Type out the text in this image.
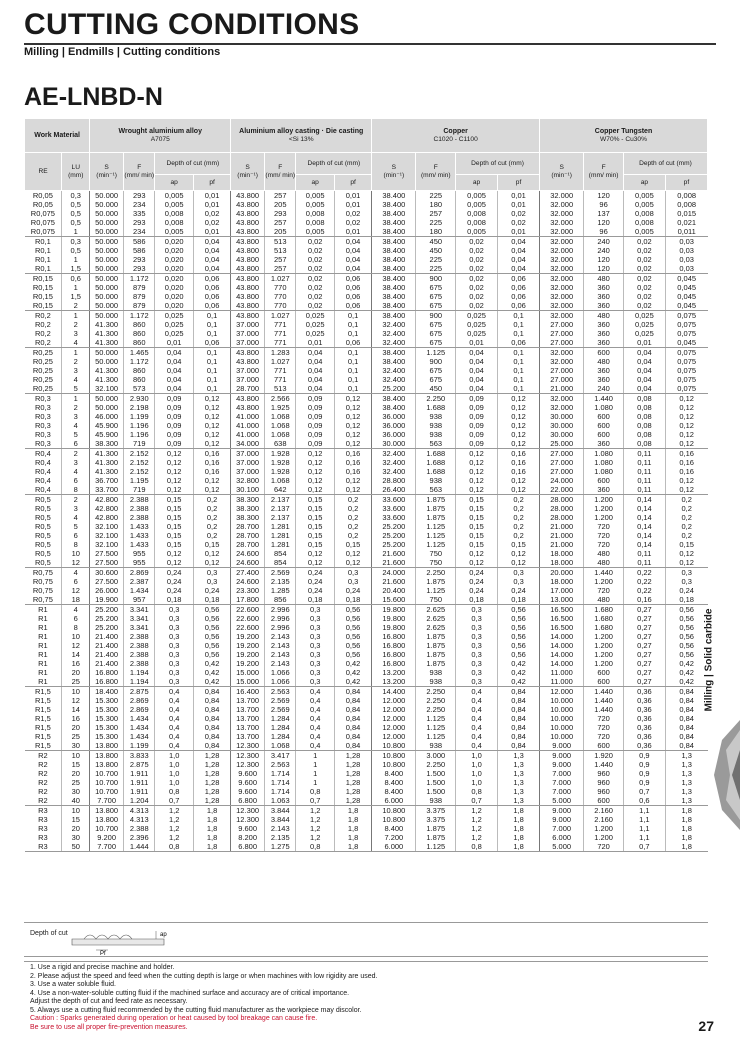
CUTTING CONDITIONS
Milling | Endmills | Cutting conditions
AE-LNBD-N
Work Material		Wrought aluminium alloy
A7075				Aluminium alloy casting · Die casting
<Si 13%				Copper
C1020 - C1100				Copper Tungsten
W70% - Cu30%			
RE	LU
(mm)	S
(min⁻¹)	F
(mm/ min)	Depth of cut (mm)		S
(min⁻¹)	F
(mm/ min)	Depth of cut (mm)		S
(min⁻¹)	F
(mm/ min)	Depth of cut (mm)		S
(min⁻¹)	F
(mm/ min)	Depth of cut (mm)	
				ap	pf			ap	pf			ap	pf			ap	pf
R0,05	0,3	50.000	293	0,005	0,01	43.800	257	0,005	0,01	38.400	225	0,005	0,01	32.000	120	0,005	0,008
R0,05	0,5	50.000	234	0,005	0,01	43.800	205	0,005	0,01	38.400	180	0,005	0,01	32.000	96	0,005	0,008
R0,075	0,5	50.000	335	0,008	0,02	43.800	293	0,008	0,02	38.400	257	0,008	0,02	32.000	137	0,008	0,015
R0,075	0,5	50.000	293	0,008	0,02	43.800	257	0,008	0,02	38.400	225	0,008	0,02	32.000	120	0,008	0,021
R0,075	1	50.000	234	0,005	0,01	43.800	205	0,005	0,01	38.400	180	0,005	0,01	32.000	96	0,005	0,011
R0,1	0,3	50.000	586	0,020	0,04	43.800	513	0,02	0,04	38.400	450	0,02	0,04	32.000	240	0,02	0,03
R0,1	0,5	50.000	586	0,020	0,04	43.800	513	0,02	0,04	38.400	450	0,02	0,04	32.000	240	0,02	0,03
R0,1	1	50.000	293	0,020	0,04	43.800	257	0,02	0,04	38.400	225	0,02	0,04	32.000	120	0,02	0,03
R0,1	1,5	50.000	293	0,020	0,04	43.800	257	0,02	0,04	38.400	225	0,02	0,04	32.000	120	0,02	0,03
R0,15	0,6	50.000	1.172	0,020	0,06	43.800	1.027	0,02	0,06	38.400	900	0,02	0,06	32.000	480	0,02	0,045
R0,15	1	50.000	879	0,020	0,06	43.800	770	0,02	0,06	38.400	675	0,02	0,06	32.000	360	0,02	0,045
R0,15	1,5	50.000	879	0,020	0,06	43.800	770	0,02	0,06	38.400	675	0,02	0,06	32.000	360	0,02	0,045
R0,15	2	50.000	879	0,020	0,06	43.800	770	0,02	0,06	38.400	675	0,02	0,06	32.000	360	0,02	0,045
R0,2	1	50.000	1.172	0,025	0,1	43.800	1.027	0,025	0,1	38.400	900	0,025	0,1	32.000	480	0,025	0,075
R0,2	2	41.300	860	0,025	0,1	37.000	771	0,025	0,1	32.400	675	0,025	0,1	27.000	360	0,025	0,075
R0,2	3	41.300	860	0,025	0,1	37.000	771	0,025	0,1	32.400	675	0,025	0,1	27.000	360	0,025	0,075
R0,2	4	41.300	860	0,01	0,06	37.000	771	0,01	0,06	32.400	675	0,01	0,06	27.000	360	0,01	0,045
R0,25	1	50.000	1.465	0,04	0,1	43.800	1.283	0,04	0,1	38.400	1.125	0,04	0,1	32.000	600	0,04	0,075
R0,25	2	50.000	1.172	0,04	0,1	43.800	1.027	0,04	0,1	38.400	900	0,04	0,1	32.000	480	0,04	0,075
R0,25	3	41.300	860	0,04	0,1	37.000	771	0,04	0,1	32.400	675	0,04	0,1	27.000	360	0,04	0,075
R0,25	4	41.300	860	0,04	0,1	37.000	771	0,04	0,1	32.400	675	0,04	0,1	27.000	360	0,04	0,075
R0,25	5	32.100	573	0,04	0,1	28.700	513	0,04	0,1	25.200	450	0,04	0,1	21.000	240	0,04	0,075
R0,3	1	50.000	2.930	0,09	0,12	43.800	2.566	0,09	0,12	38.400	2.250	0,09	0,12	32.000	1.440	0,08	0,12
R0,3	2	50.000	2.198	0,09	0,12	43.800	1.925	0,09	0,12	38.400	1.688	0,09	0,12	32.000	1.080	0,08	0,12
R0,3	3	46.000	1.199	0,09	0,12	41.000	1.068	0,09	0,12	36.000	938	0,09	0,12	30.000	600	0,08	0,12
R0,3	4	45.900	1.196	0,09	0,12	41.000	1.068	0,09	0,12	36.000	938	0,09	0,12	30.000	600	0,08	0,12
R0,3	5	45.900	1.196	0,09	0,12	41.000	1.068	0,09	0,12	36.000	938	0,09	0,12	30.000	600	0,08	0,12
R0,3	6	38.300	719	0,09	0,12	34.000	638	0,09	0,12	30.000	563	0,09	0,12	25.000	360	0,08	0,12
R0,4	2	41.300	2.152	0,12	0,16	37.000	1.928	0,12	0,16	32.400	1.688	0,12	0,16	27.000	1.080	0,11	0,16
R0,4	3	41.300	2.152	0,12	0,16	37.000	1.928	0,12	0,16	32.400	1.688	0,12	0,16	27.000	1.080	0,11	0,16
R0,4	4	41.300	2.152	0,12	0,16	37.000	1.928	0,12	0,16	32.400	1.688	0,12	0,16	27.000	1.080	0,11	0,16
R0,4	6	36.700	1.195	0,12	0,12	32.800	1.068	0,12	0,12	28.800	938	0,12	0,12	24.000	600	0,11	0,12
R0,4	8	33.700	719	0,12	0,12	30.100	642	0,12	0,12	26.400	563	0,12	0,12	22.000	360	0,11	0,12
R0,5	2	42.800	2.388	0,15	0,2	38.300	2.137	0,15	0,2	33.600	1.875	0,15	0,2	28.000	1.200	0,14	0,2
R0,5	3	42.800	2.388	0,15	0,2	38.300	2.137	0,15	0,2	33.600	1.875	0,15	0,2	28.000	1.200	0,14	0,2
R0,5	4	42.800	2.388	0,15	0,2	38.300	2.137	0,15	0,2	33.600	1.875	0,15	0,2	28.000	1.200	0,14	0,2
R0,5	5	32.100	1.433	0,15	0,2	28.700	1.281	0,15	0,2	25.200	1.125	0,15	0,2	21.000	720	0,14	0,2
R0,5	6	32.100	1.433	0,15	0,2	28.700	1.281	0,15	0,2	25.200	1.125	0,15	0,2	21.000	720	0,14	0,2
R0,5	8	32.100	1.433	0,15	0,15	28.700	1.281	0,15	0,15	25.200	1.125	0,15	0,15	21.000	720	0,14	0,15
R0,5	10	27.500	955	0,12	0,12	24.600	854	0,12	0,12	21.600	750	0,12	0,12	18.000	480	0,11	0,12
R0,5	12	27.500	955	0,12	0,12	24.600	854	0,12	0,12	21.600	750	0,12	0,12	18.000	480	0,11	0,12
R0,75	4	30.600	2.869	0,24	0,3	27.400	2.569	0,24	0,3	24.000	2.250	0,24	0,3	20.000	1.440	0,22	0,3
R0,75	6	27.500	2.387	0,24	0,3	24.600	2.135	0,24	0,3	21.600	1.875	0,24	0,3	18.000	1.200	0,22	0,3
R0,75	12	26.000	1.434	0,24	0,24	23.300	1.285	0,24	0,24	20.400	1.125	0,24	0,24	17.000	720	0,22	0,24
R0,75	18	19.900	957	0,18	0,18	17.800	856	0,18	0,18	15.600	750	0,18	0,18	13.000	480	0,16	0,18
R1	4	25.200	3.341	0,3	0,56	22.600	2.996	0,3	0,56	19.800	2.625	0,3	0,56	16.500	1.680	0,27	0,56
R1	6	25.200	3.341	0,3	0,56	22.600	2.996	0,3	0,56	19.800	2.625	0,3	0,56	16.500	1.680	0,27	0,56
R1	8	25.200	3.341	0,3	0,56	22.600	2.996	0,3	0,56	19.800	2.625	0,3	0,56	16.500	1.680	0,27	0,56
R1	10	21.400	2.388	0,3	0,56	19.200	2.143	0,3	0,56	16.800	1.875	0,3	0,56	14.000	1.200	0,27	0,56
R1	12	21.400	2.388	0,3	0,56	19.200	2.143	0,3	0,56	16.800	1.875	0,3	0,56	14.000	1.200	0,27	0,56
R1	14	21.400	2.388	0,3	0,56	19.200	2.143	0,3	0,56	16.800	1.875	0,3	0,56	14.000	1.200	0,27	0,56
R1	16	21.400	2.388	0,3	0,42	19.200	2.143	0,3	0,42	16.800	1.875	0,3	0,42	14.000	1.200	0,27	0,42
R1	20	16.800	1.194	0,3	0,42	15.000	1.066	0,3	0,42	13.200	938	0,3	0,42	11.000	600	0,27	0,42
R1	25	16.800	1.194	0,3	0,42	15.000	1.066	0,3	0,42	13.200	938	0,3	0,42	11.000	600	0,27	0,42
R1,5	10	18.400	2.875	0,4	0,84	16.400	2.563	0,4	0,84	14.400	2.250	0,4	0,84	12.000	1.440	0,36	0,84
R1,5	12	15.300	2.869	0,4	0,84	13.700	2.569	0,4	0,84	12.000	2.250	0,4	0,84	10.000	1.440	0,36	0,84
R1,5	14	15.300	2.869	0,4	0,84	13.700	2.569	0,4	0,84	12.000	2.250	0,4	0,84	10.000	1.440	0,36	0,84
R1,5	16	15.300	1.434	0,4	0,84	13.700	1.284	0,4	0,84	12.000	1.125	0,4	0,84	10.000	720	0,36	0,84
R1,5	20	15.300	1.434	0,4	0,84	13.700	1.284	0,4	0,84	12.000	1.125	0,4	0,84	10.000	720	0,36	0,84
R1,5	25	15.300	1.434	0,4	0,84	13.700	1.284	0,4	0,84	12.000	1.125	0,4	0,84	10.000	720	0,36	0,84
R1,5	30	13.800	1.199	0,4	0,84	12.300	1.068	0,4	0,84	10.800	938	0,4	0,84	9.000	600	0,36	0,84
R2	10	13.800	3.833	1,0	1,28	12.300	3.417	1	1,28	10.800	3.000	1,0	1,3	9.000	1.920	0,9	1,3
R2	15	13.800	2.875	1,0	1,28	12.300	2.563	1	1,28	10.800	2.250	1,0	1,3	9.000	1.440	0,9	1,3
R2	20	10.700	1.911	1,0	1,28	9.600	1.714	1	1,28	8.400	1.500	1,0	1,3	7.000	960	0,9	1,3
R2	25	10.700	1.911	1,0	1,28	9.600	1.714	1	1,28	8.400	1.500	1,0	1,3	7.000	960	0,9	1,3
R2	30	10.700	1.911	0,8	1,28	9.600	1.714	0,8	1,28	8.400	1.500	0,8	1,3	7.000	960	0,7	1,3
R2	40	7.700	1.204	0,7	1,28	6.800	1.063	0,7	1,28	6.000	938	0,7	1,3	5.000	600	0,6	1,3
R3	10	13.800	4.313	1,2	1,8	12.300	3.844	1,2	1,8	10.800	3.375	1,2	1,8	9.000	2.160	1,1	1,8
R3	15	13.800	4.313	1,2	1,8	12.300	3.844	1,2	1,8	10.800	3.375	1,2	1,8	9.000	2.160	1,1	1,8
R3	20	10.700	2.388	1,2	1,8	9.600	2.143	1,2	1,8	8.400	1.875	1,2	1,8	7.000	1.200	1,1	1,8
R3	30	9.200	2.396	1,2	1,8	8.200	2.135	1,2	1,8	7.200	1.875	1,2	1,8	6.000	1.200	1,1	1,8
R3	50	7.700	1.444	0,8	1,8	6.800	1.275	0,8	1,8	6.000	1.125	0,8	1,8	5.000	720	0,7	1,8
Depth of cut	ap
Pf
1. Use a rigid and precise machine and holder.
2. Please adjust the speed and feed when the cutting depth is large or when machines with low rigidity are used.
3. Use a water soluble fluid.
4. Use a non-water-soluble cutting fluid if the machined surface and accuracy are of critical importance.
Adjust the depth of cut and feed rate as necessary.
5. Always use a cutting fluid recommended by the cutting fluid manufacturer as the workpiece may discolor.
Caution : Sparks generated during operation or heat caused by tool breakage can cause fire.
Be sure to use all proper fire-prevention measures.
Milling | Solid carbide
27
